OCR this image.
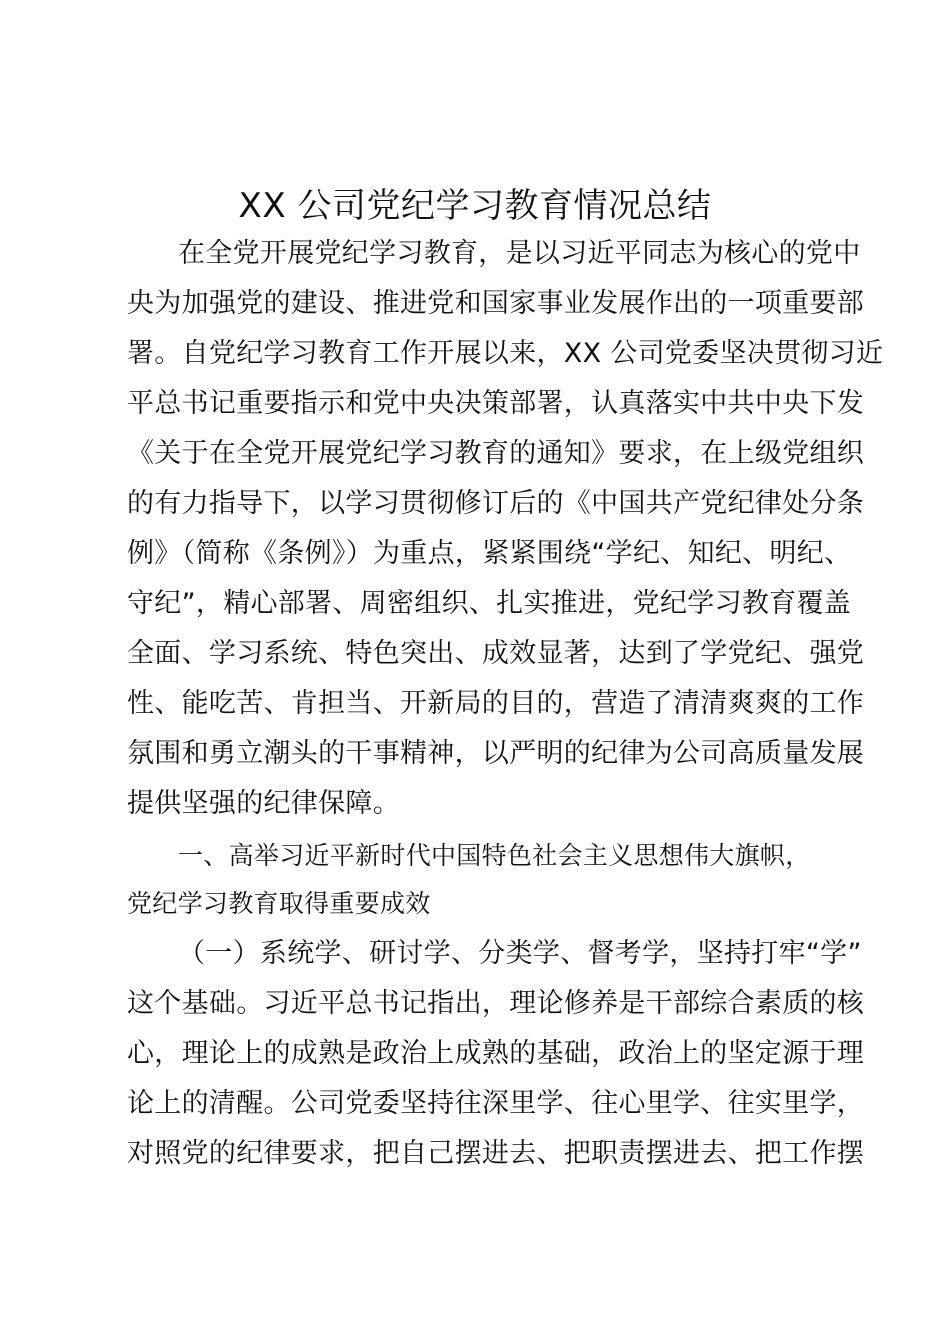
XX 公司党纪学习教育情况总结
在全党开展党纪学习教育，是以习近平同志为核心的党中
央为加强党的建设、推进党和国家事业发展作出的一项重要部
署。自党纪学习教育工作开展以来，XX 公司党委坚决贯彻习近
平总书记重要指示和党中央决策部署，认真落实中共中央下发
《关于在全党开展党纪学习教育的通知》要求，在上级党组织
的有力指导下，以学习贯彻修订后的《中国共产党纪律处分条
例》（简称《条例》）为重点，紧紧围绕“学纪、知纪、明纪、
守纪”，精心部署、周密组织、扎实推进，党纪学习教育覆盖
全面、学习系统、特色突出、成效显著，达到了学党纪、强党
性、能吃苦、肯担当、开新局的目的，营造了清清爽爽的工作
氛围和勇立潮头的干事精神，以严明的纪律为公司高质量发展
提供坚强的纪律保障。
一、高举习近平新时代中国特色社会主义思想伟大旗帜，
党纪学习教育取得重要成效
（一）系统学、研讨学、分类学、督考学，坚持打牢“学”
这个基础。习近平总书记指出，理论修养是干部综合素质的核
心，理论上的成熟是政治上成熟的基础，政治上的坚定源于理
论上的清醒。公司党委坚持往深里学、往心里学、往实里学，
对照党的纪律要求，把自己摆进去、把职责摆进去、把工作摆
